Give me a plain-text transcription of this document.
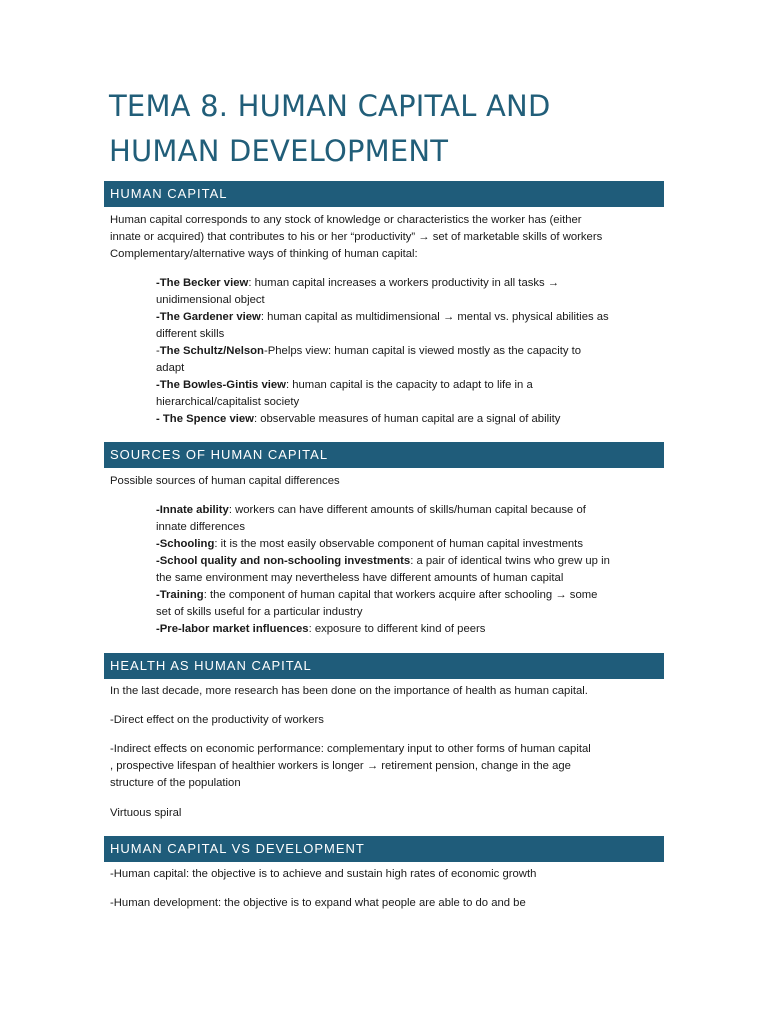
TEMA 8. HUMAN CAPITAL AND
HUMAN DEVELOPMENT
HUMAN CAPITAL

Human capital corresponds to any stock of knowledge or characteristics the worker has (either

innate or acquired) that contributes to his or her “productivity” → set of marketable skills of workers

Complementary/alternative ways of thinking of human capital:

-The Becker view: human capital increases a workers productivity in all tasks →

unidimensional object

-The Gardener view: human capital as multidimensional → mental vs. physical abilities as

different skills

-The Schultz/Nelson-Phelps view: human capital is viewed mostly as the capacity to

adapt

-The Bowles-Gintis view: human capital is the capacity to adapt to life in a

hierarchical/capitalist society

- The Spence view: observable measures of human capital are a signal of ability

SOURCES OF HUMAN CAPITAL
Possible sources of human capital differences

-Innate ability: workers can have different amounts of skills/human capital because of

innate differences

-Schooling: it is the most easily observable component of human capital investments

-School quality and non-schooling investments: a pair of identical twins who grew up in

the same environment may nevertheless have different amounts of human capital

-Training: the component of human capital that workers acquire after schooling → some

set of skills useful for a particular industry

-Pre-labor market influences: exposure to different kind of peers

HEALTH AS HUMAN CAPITAL
In the last decade, more research has been done on the importance of health as human capital.
-Direct effect on the productivity of workers

-Indirect effects on economic performance: complementary input to other forms of human capital

, prospective lifespan of healthier workers is longer → retirement pension, change in the age

structure of the population

Virtuous spiral
HUMAN CAPITAL VS DEVELOPMENT
-Human capital: the objective is to achieve and sustain high rates of economic growth
-Human development: the objective is to expand what people are able to do and be
